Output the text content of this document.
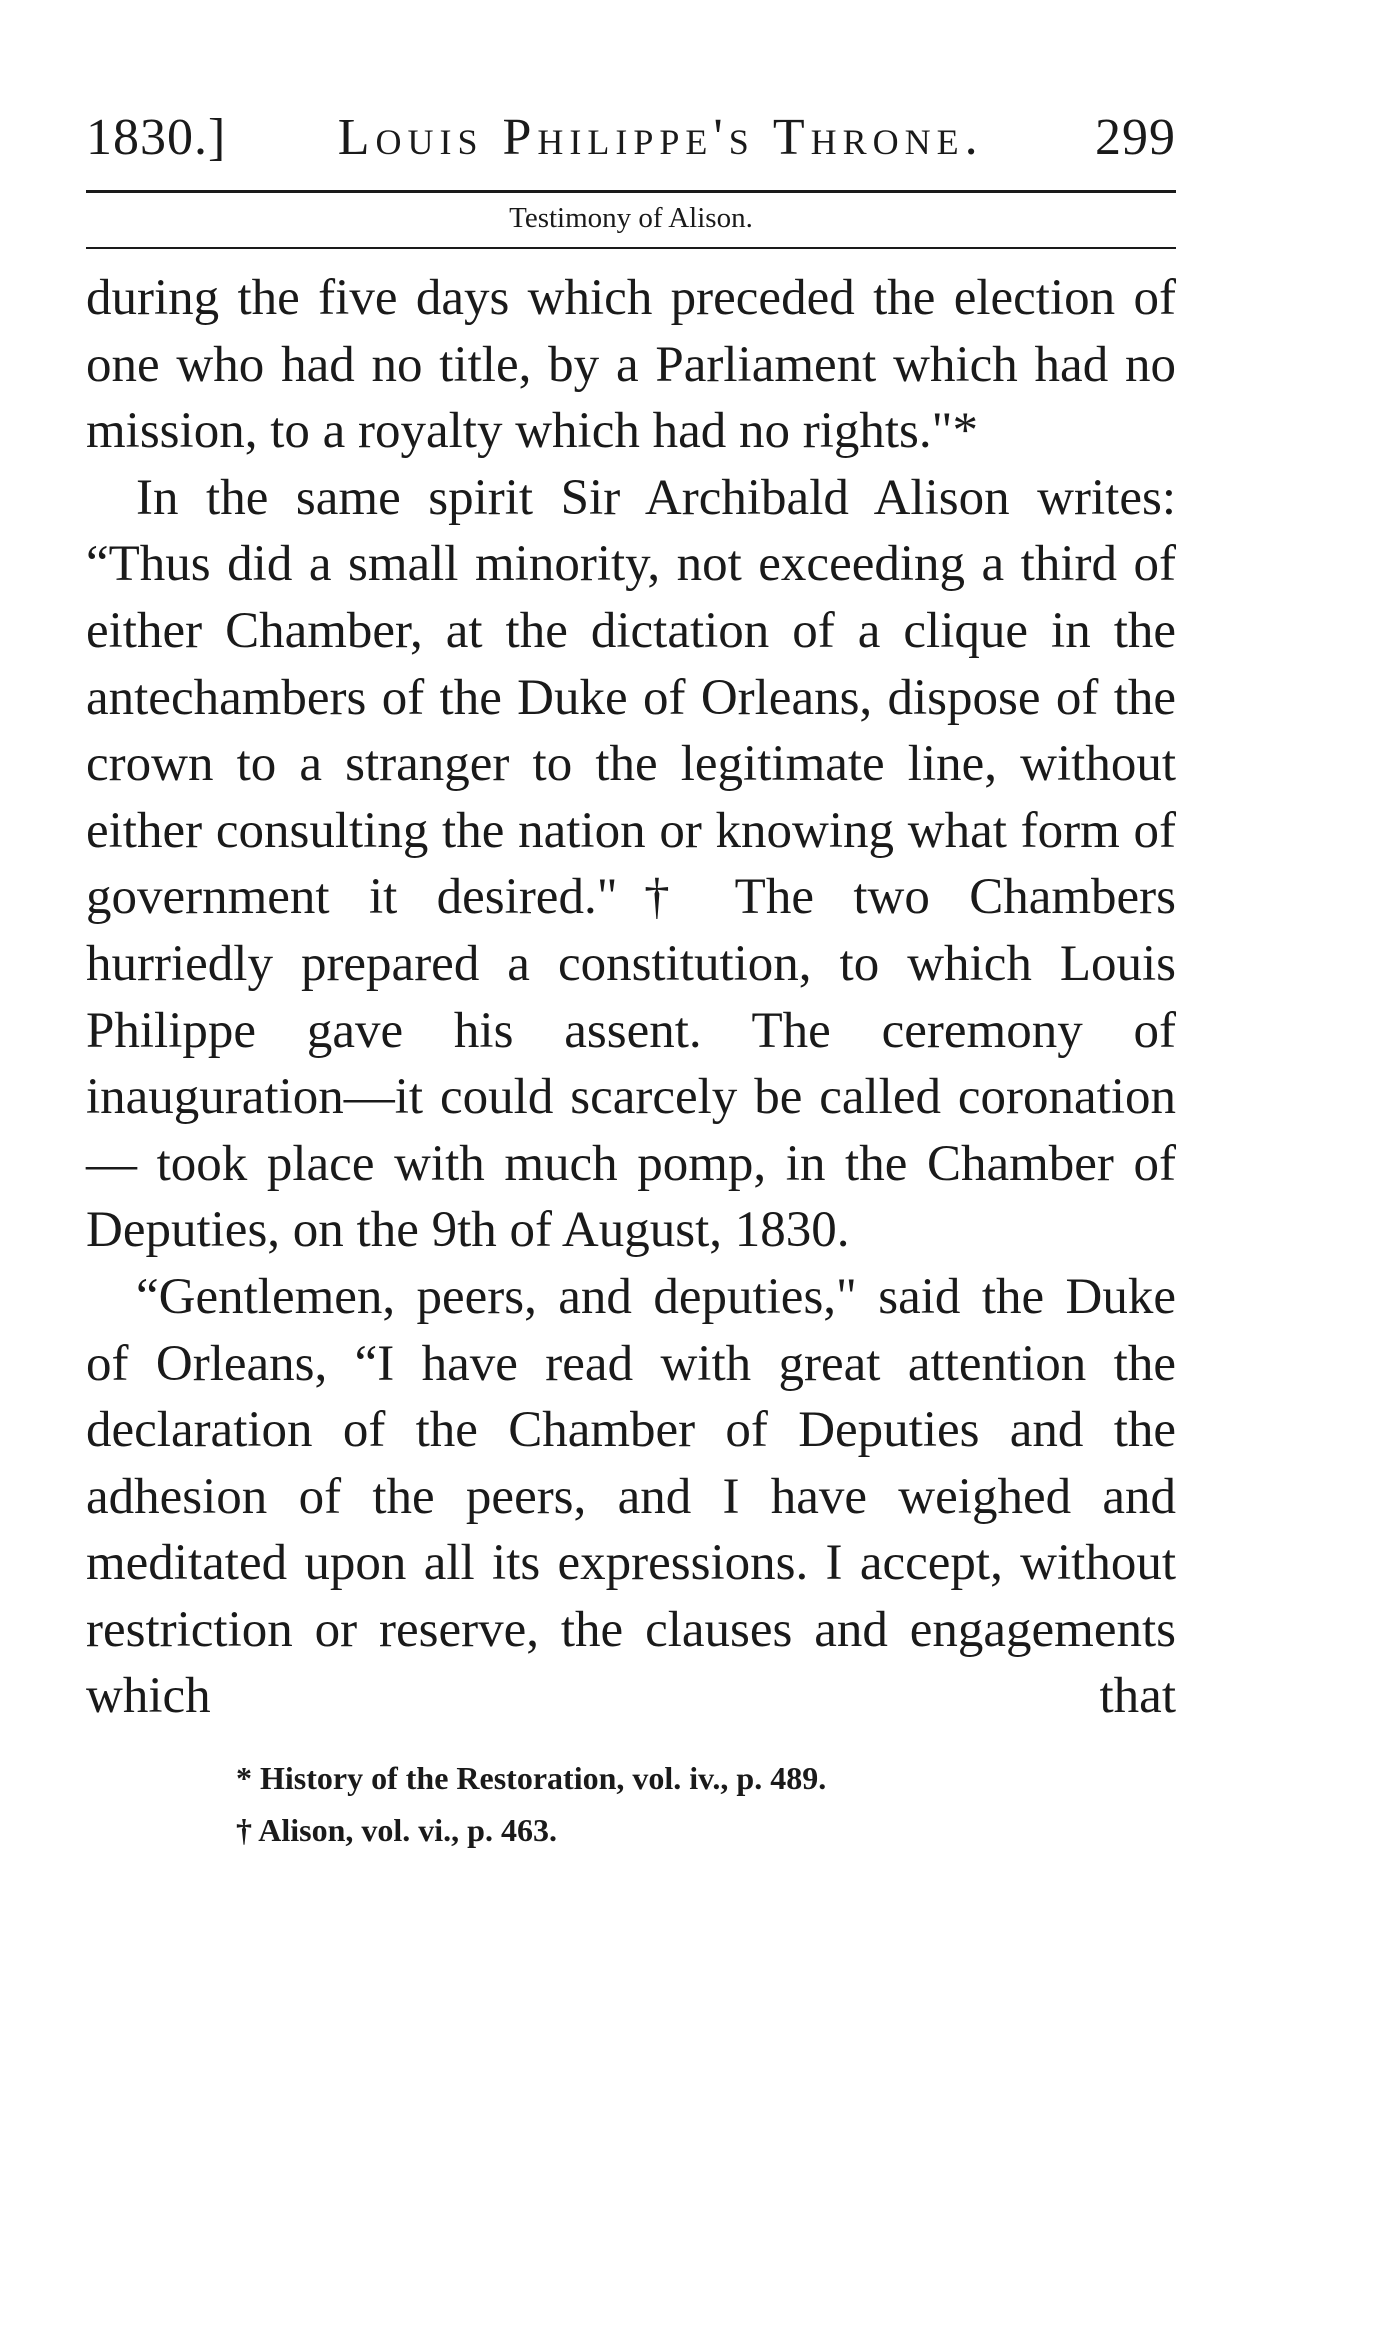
1830.]	Louis Philippe's Throne.	299
Testimony of Alison.

during the five days which preceded the election of one who had no title, by a Parliament which had no mission, to a royalty which had no rights."*

In the same spirit Sir Archibald Alison writes: “Thus did a small minority, not exceeding a third of either Chamber, at the dictation of a clique in the antechambers of the Duke of Orleans, dispose of the crown to a stranger to the legitimate line, without either consulting the nation or knowing what form of government it desired."† The two Chambers hurriedly prepared a constitution, to which Louis Philippe gave his assent. The ceremony of inauguration—it could scarcely be called coronation — took place with much pomp, in the Chamber of Deputies, on the 9th of August, 1830.

“Gentlemen, peers, and deputies," said the Duke of Orleans, “I have read with great attention the declaration of the Chamber of Deputies and the adhesion of the peers, and I have weighed and meditated upon all its expressions. I accept, without restriction or reserve, the clauses and engagements which that

* History of the Restoration, vol. iv., p. 489.
† Alison, vol. vi., p. 463.
